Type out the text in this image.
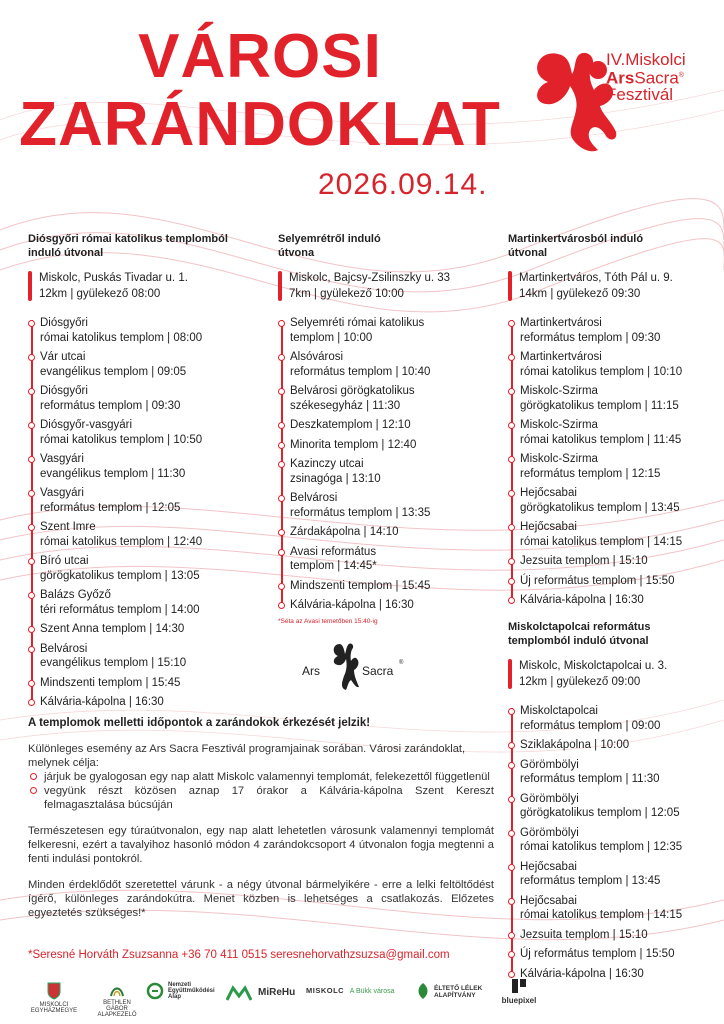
VÁROSI
ZARÁNDOKLAT
2026.09.14.
IV.Miskolci
ArsSacra®
Fesztivál
Diósgyőri római katolikus templomból
induló útvonal
Miskolc, Puskás Tivadar u. 1.
12km | gyülekező 08:00
Diósgyőri
római katolikus templom | 08:00
Vár utcai
evangélikus templom | 09:05
Diósgyőri
református templom | 09:30
Diósgyőr-vasgyári
római katolikus templom | 10:50
Vasgyári
evangélikus templom | 11:30
Vasgyári
református templom | 12:05
Szent Imre
római katolikus templom | 12:40
Bíró utcai
görögkatolikus templom | 13:05
Balázs Győző
téri református templom | 14:00
Szent Anna templom | 14:30
Belvárosi
evangélikus templom | 15:10
Mindszenti templom | 15:45
Kálvária-kápolna | 16:30
Selyemrétről induló
útvona
Miskolc, Bajcsy-Zsilinszky u. 33
7km | gyülekező 10:00
Selyemréti római katolikus
templom | 10:00
Alsóvárosi
református templom | 10:40
Belvárosi görögkatolikus
székesegyház | 11:30
Deszkatemplom | 12:10
Minorita templom | 12:40
Kazinczy utcai
zsinagóga | 13:10
Belvárosi
református templom | 13:35
Zárdakápolna | 14:10
Avasi református
templom | 14:45*
Mindszenti templom | 15:45
Kálvária-kápolna | 16:30
*Séta az Avasi temetőben 15:40-ig
Martinkertvárosból induló
útvonal
Martinkertváros, Tóth Pál u. 9.
14km | gyülekező 09:30
Martinkertvárosi
református templom | 09:30
Martinkertvárosi
római katolikus templom | 10:10
Miskolc-Szirma
görögkatolikus templom | 11:15
Miskolc-Szirma
római katolikus templom | 11:45
Miskolc-Szirma
református templom | 12:15
Hejőcsabai
görögkatolikus templom | 13:45
Hejőcsabai
római katolikus templom | 14:15
Jezsuita templom | 15:10
Új református templom | 15:50
Kálvária-kápolna | 16:30
Miskolctapolcai református
templomból induló útvonal
Miskolc, Miskolctapolcai u. 3.
12km | gyülekező 09:00
Miskolctapolcai
református templom | 09:00
Sziklakápolna | 10:00
Görömbölyi
református templom | 11:30
Görömbölyi
görögkatolikus templom | 12:05
Görömbölyi
római katolikus templom | 12:35
Hejőcsabai
református templom | 13:45
Hejőcsabai
római katolikus templom | 14:15
Jezsuita templom | 15:10
Új református templom | 15:50
Kálvária-kápolna | 16:30
Ars	Sacra
®
A templomok melletti időpontok a zarándokok érkezését jelzik!
Különleges esemény az Ars Sacra Fesztivál programjainak sorában. Városi zarándoklat,
melynek célja:
járjuk be gyalogosan egy nap alatt Miskolc valamennyi templomát, felekezettől függetlenül
vegyünk részt közösen aznap 17 órakor a Kálvária-kápolna Szent Kereszt felmagasztalása búcsúján
Természetesen egy túraútvonalon, egy nap alatt lehetetlen városunk valamennyi templomát felkeresni, ezért a tavalyihoz hasonló módon 4 zarándokcsoport 4 útvonalon fogja megtenni a fenti indulási pontokról.
Minden érdeklődőt szeretettel várunk - a négy útvonal bármelyikére - erre a lelki feltöltődést ígérő, különleges zarándokútra. Menet közben is lehetséges a csatlakozás. Előzetes egyeztetés szükséges!*
*Seresné Horváth Zsuzsanna +36 70 411 0515 seresnehorvathzsuzsa@gmail.com
MISKOLCI EGYHÁZMEGYE
BETHLEN GÁBOR ALAPKEZELŐ
Nemzeti
Együttműködési
Alap	MiReHu	MISKOLC A Bükk városa	ÉLTETŐ LÉLEK
ALAPÍTVÁNY
bluepixel
